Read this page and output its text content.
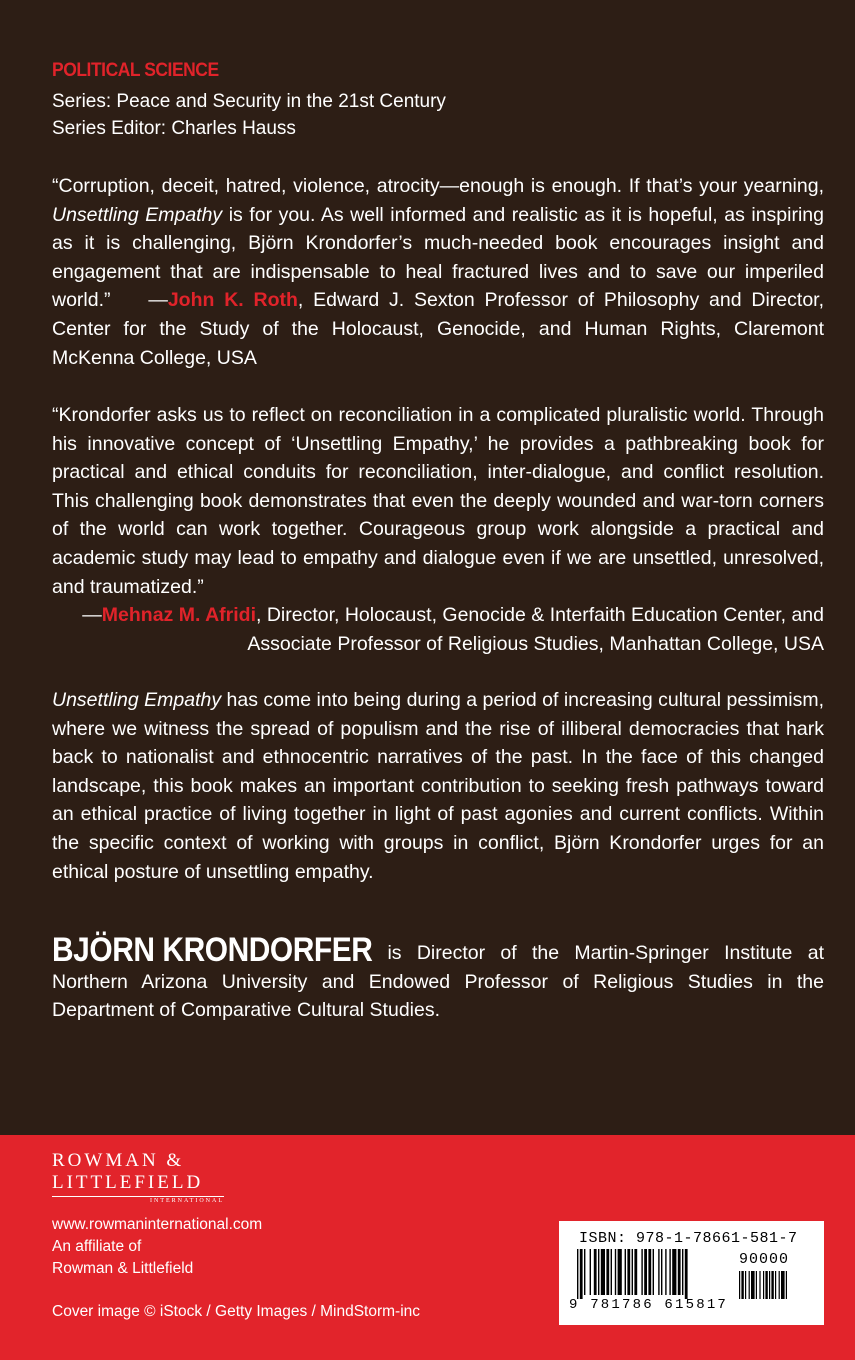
POLITICAL SCIENCE
Series: Peace and Security in the 21st Century
Series Editor: Charles Hauss
“Corruption, deceit, hatred, violence, atrocity—enough is enough. If that’s your yearning, Unsettling Empathy is for you. As well informed and realistic as it is hopeful, as inspiring as it is challenging, Björn Krondorfer’s much-needed book encourages insight and engagement that are indispensable to heal fractured lives and to save our imperiled world.” —John K. Roth, Edward J. Sexton Professor of Philosophy and Director, Center for the Study of the Holocaust, Genocide, and Human Rights, Claremont McKenna College, USA
“Krondorfer asks us to reflect on reconciliation in a complicated pluralistic world. Through his innovative concept of ‘Unsettling Empathy,’ he provides a pathbreaking book for practical and ethical conduits for reconciliation, inter-dialogue, and conflict resolution. This challenging book demonstrates that even the deeply wounded and war-torn corners of the world can work together. Courageous group work alongside a practical and academic study may lead to empathy and dialogue even if we are unsettled, unresolved, and traumatized.”
—Mehnaz M. Afridi, Director, Holocaust, Genocide & Interfaith Education Center, and Associate Professor of Religious Studies, Manhattan College, USA
Unsettling Empathy has come into being during a period of increasing cultural pessimism, where we witness the spread of populism and the rise of illiberal democracies that hark back to nationalist and ethnocentric narratives of the past. In the face of this changed landscape, this book makes an important contribution to seeking fresh pathways toward an ethical practice of living together in light of past agonies and current conflicts. Within the specific context of working with groups in conflict, Björn Krondorfer urges for an ethical posture of unsettling empathy.
BJÖRN KRONDORFER is Director of the Martin-Springer Institute at Northern Arizona University and Endowed Professor of Religious Studies in the Department of Comparative Cultural Studies.
ROWMAN &
LITTLEFIELD
INTERNATIONAL
www.rowmaninternational.com
An affiliate of
Rowman & Littlefield
Cover image © iStock / Getty Images / MindStorm-inc
ISBN: 978-1-78661-581-7
90000
9 781786 615817
